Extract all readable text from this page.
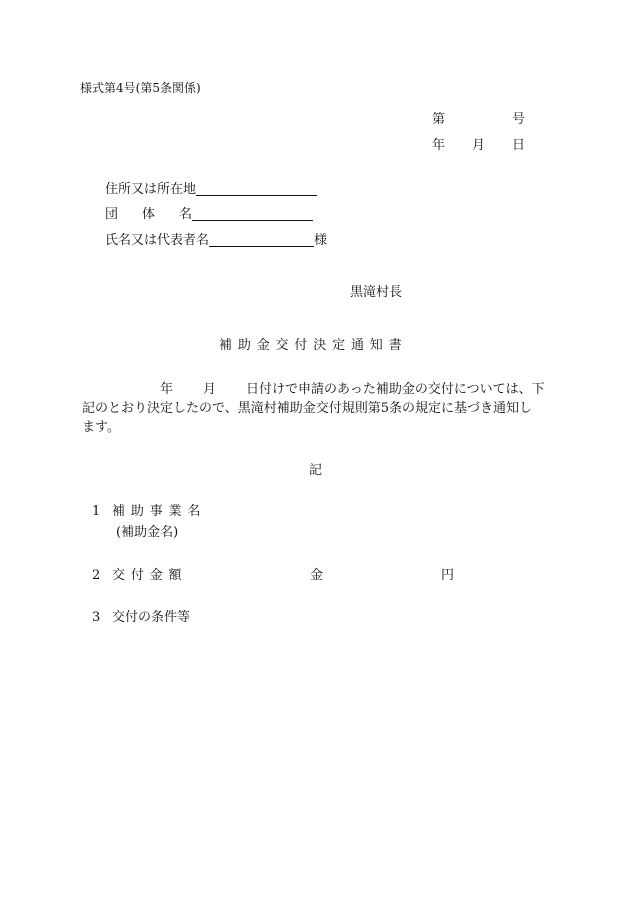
様式第4号(第5条関係)
第	号
年 月 日
住所又は所在地
団 体 名
氏名又は代表者名	様
黒滝村長
補助金交付決定通知書

年 月 日付けで申請のあった補助金の交付については、下

記のとおり決定したので、黒滝村補助金交付規則第5条の規定に基づき通知し

ます。

記
1 補助事業名
(補助金名)
2 交付金額	金	円
3 交付の条件等
